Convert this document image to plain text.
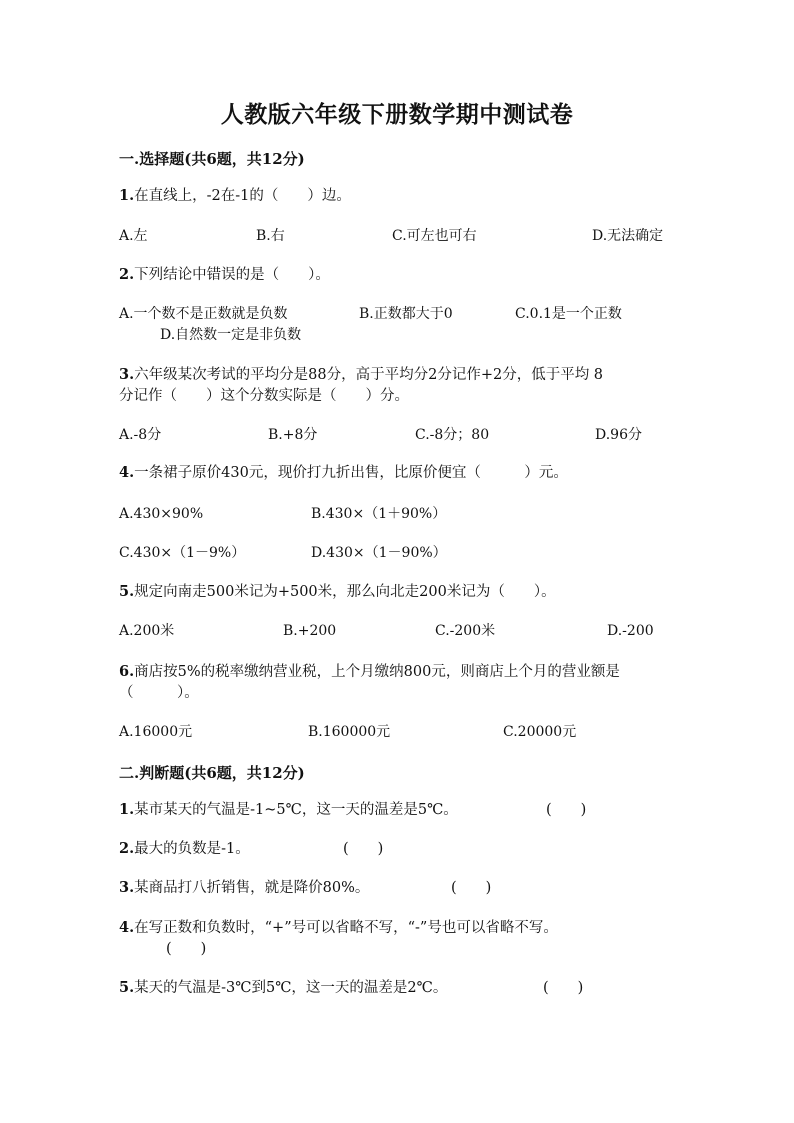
人教版六年级下册数学期中测试卷
一.选择题(共6题，共12分)
1.在直线上，-2在-1的（　　）边。
A.左	B.右	C.可左也可右	D.无法确定
2.下列结论中错误的是（　　）。
A.一个数不是正数就是负数	B.正数都大于0	C.0.1是一个正数
D.自然数一定是非负数
3.六年级某次考试的平均分是88分，高于平均分2分记作+2分，低于平均 8
分记作（　　）这个分数实际是（　　）分。
A.-8分	B.+8分	C.-8分；80	D.96分
4.一条裙子原价430元，现价打九折出售，比原价便宜（　　　）元。
A.430×90%	B.430×（1＋90%）
C.430×（1－9%）	D.430×（1－90%）
5.规定向南走500米记为+500米，那么向北走200米记为（　　）。
A.200米	B.+200	C.-200米	D.-200
6.商店按5%的税率缴纳营业税，上个月缴纳800元，则商店上个月的营业额是
（　　　）。
A.16000元	B.160000元	C.20000元
二.判断题(共6题，共12分)
1.某市某天的气温是-1~5℃，这一天的温差是5℃。	(　　)
2.最大的负数是-1。	(　　)
3.某商品打八折销售，就是降价80%。	(　　)
4.在写正数和负数时，“+”号可以省略不写，“-”号也可以省略不写。
(　　)
5.某天的气温是-3℃到5℃，这一天的温差是2℃。	(　　)
